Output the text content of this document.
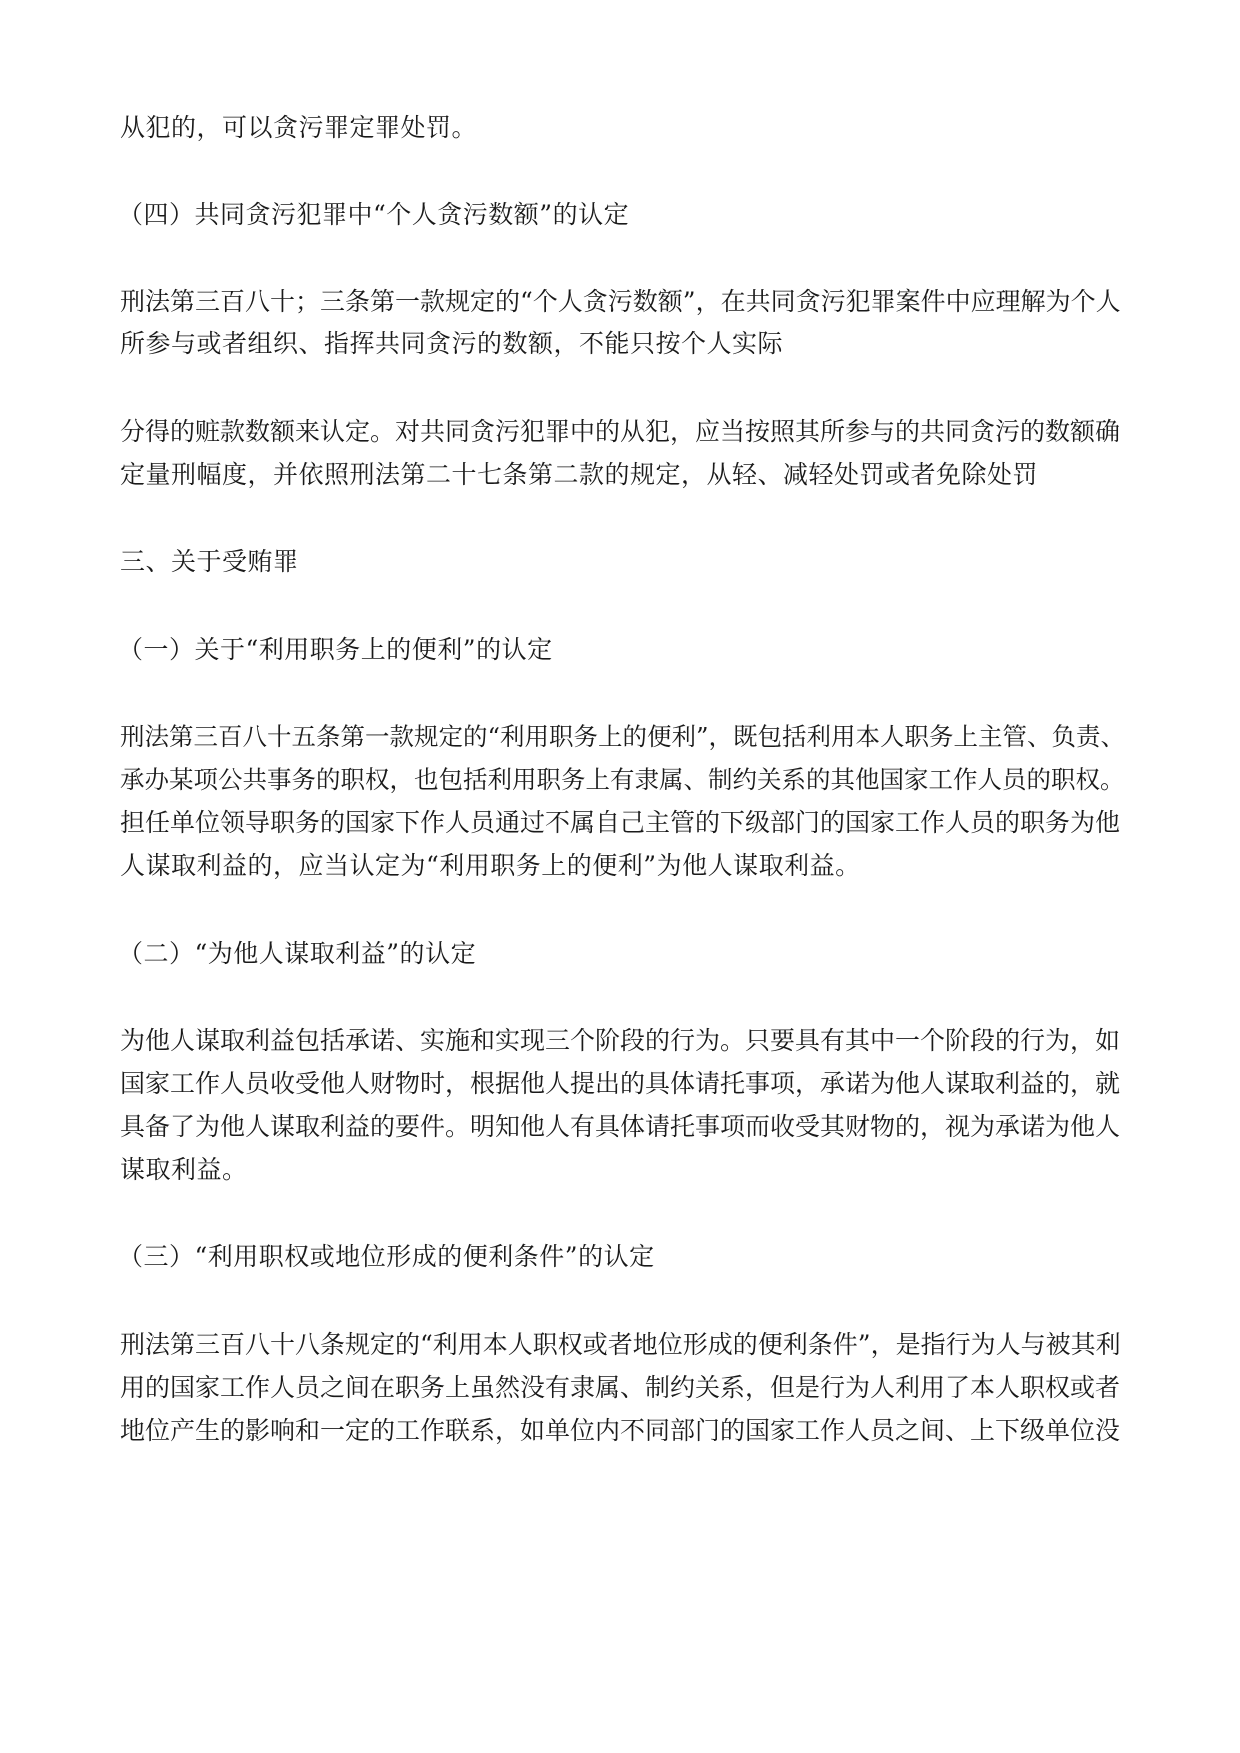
从犯的，可以贪污罪定罪处罚。
（四）共同贪污犯罪中“个人贪污数额”的认定
刑法第三百八十；三条第一款规定的“个人贪污数额”，在共同贪污犯罪案件中应理解为个人
所参与或者组织、指挥共同贪污的数额，不能只按个人实际
分得的赃款数额来认定。对共同贪污犯罪中的从犯，应当按照其所参与的共同贪污的数额确
定量刑幅度，并依照刑法第二十七条第二款的规定，从轻、减轻处罚或者免除处罚
三、关于受贿罪
（一）关于“利用职务上的便利”的认定
刑法第三百八十五条第一款规定的“利用职务上的便利”，既包括利用本人职务上主管、负责、
承办某项公共事务的职权，也包括利用职务上有隶属、制约关系的其他国家工作人员的职权。
担任单位领导职务的国家下作人员通过不属自己主管的下级部门的国家工作人员的职务为他
人谋取利益的，应当认定为“利用职务上的便利”为他人谋取利益。
（二）“为他人谋取利益”的认定
为他人谋取利益包括承诺、实施和实现三个阶段的行为。只要具有其中一个阶段的行为，如
国家工作人员收受他人财物时，根据他人提出的具体请托事项，承诺为他人谋取利益的，就
具备了为他人谋取利益的要件。明知他人有具体请托事项而收受其财物的，视为承诺为他人
谋取利益。
（三）“利用职权或地位形成的便利条件”的认定
刑法第三百八十八条规定的“利用本人职权或者地位形成的便利条件”，是指行为人与被其利
用的国家工作人员之间在职务上虽然没有隶属、制约关系，但是行为人利用了本人职权或者
地位产生的影响和一定的工作联系，如单位内不同部门的国家工作人员之间、上下级单位没
